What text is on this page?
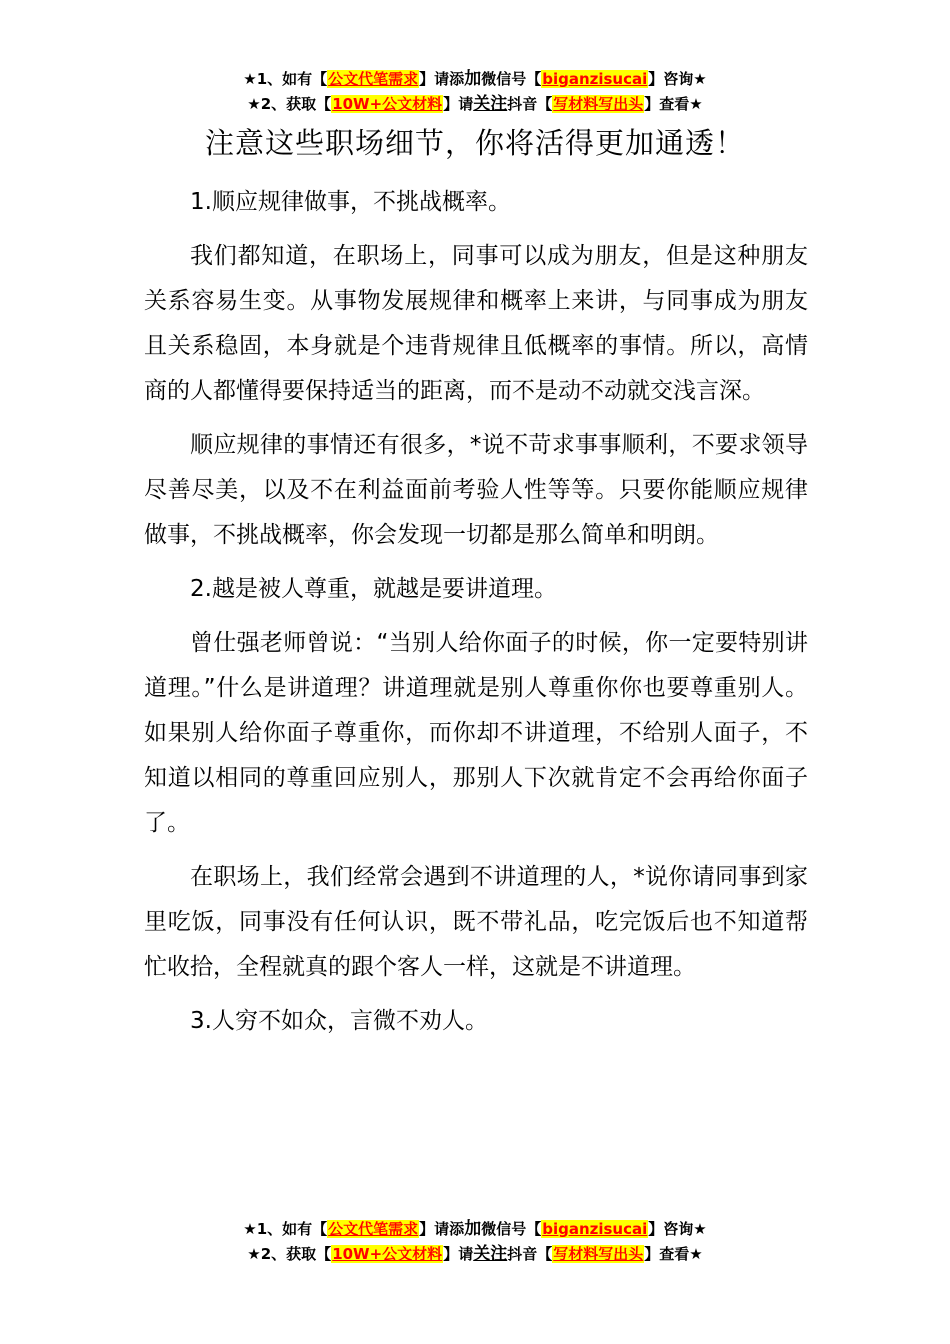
★1、如有【公文代笔需求】请添加微信号【biganzisucai】咨询★
★2、获取【10W+公文材料】请关注抖音【写材料写出头】查看★
注意这些职场细节，你将活得更加通透！

1.顺应规律做事，不挑战概率。

我们都知道，在职场上，同事可以成为朋友，但是这种朋友关系容易生变。从事物发展规律和概率上来讲，与同事成为朋友且关系稳固，本身就是个违背规律且低概率的事情。所以，高情商的人都懂得要保持适当的距离，而不是动不动就交浅言深。

顺应规律的事情还有很多，*说不苛求事事顺利，不要求领导尽善尽美，以及不在利益面前考验人性等等。只要你能顺应规律做事，不挑战概率，你会发现一切都是那么简单和明朗。

2.越是被人尊重，就越是要讲道理。

曾仕强老师曾说：“当别人给你面子的时候，你一定要特别讲道理。”什么是讲道理？讲道理就是别人尊重你你也要尊重别人。如果别人给你面子尊重你，而你却不讲道理，不给别人面子，不知道以相同的尊重回应别人，那别人下次就肯定不会再给你面子了。

在职场上，我们经常会遇到不讲道理的人，*说你请同事到家里吃饭，同事没有任何认识，既不带礼品，吃完饭后也不知道帮忙收拾，全程就真的跟个客人一样，这就是不讲道理。

3.人穷不如众，言微不劝人。

★1、如有【公文代笔需求】请添加微信号【biganzisucai】咨询★
★2、获取【10W+公文材料】请关注抖音【写材料写出头】查看★
